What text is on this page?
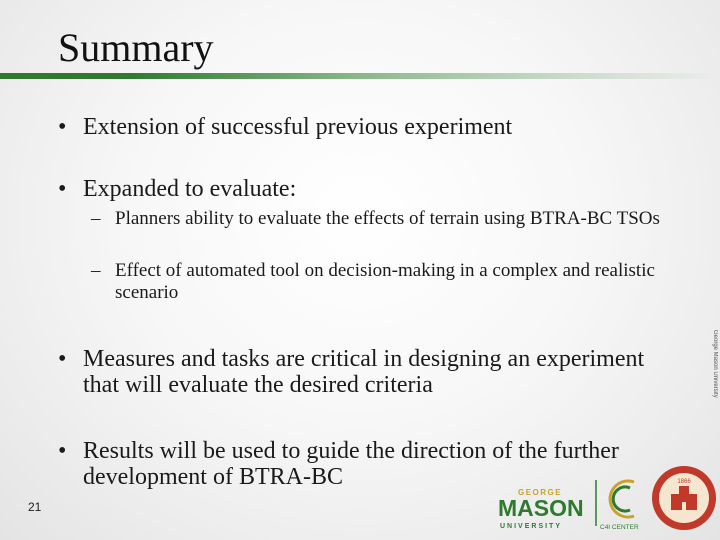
Summary
• Extension of successful previous experiment
• Expanded to evaluate:
– Planners ability to evaluate the effects of terrain using BTRA-BC TSOs
– Effect of automated tool on decision-making in a complex and realistic scenario
• Measures and tasks are critical in designing an experiment that will evaluate the desired criteria
• Results will be used to guide the direction of the further development of BTRA-BC
21
GEORGE
MASON
UNIVERSITY	C4I CENTER
1866
George Mason University
